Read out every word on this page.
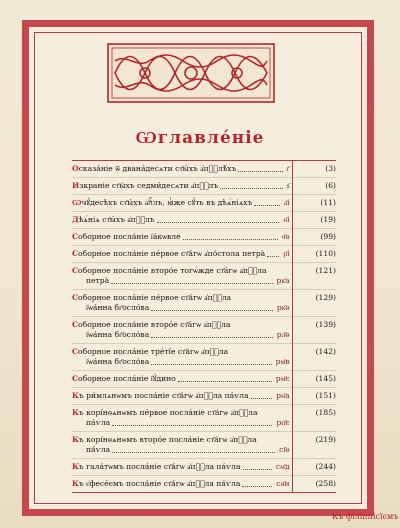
Ѡглавле́ніе
Осказа́ніе ѿ двана́десѧти ст҃ы́хъ а҆пⷭ҇лѣ́хъ г҃	(3)

Изкраніе ст҃ы́хъ седми́десѧти а҆пⷭ҇лъ ѕ҃	(6)

Ѡчꙋ́десѣхъ ст҃ы́хъ а҆пⷭ҇лъ, ꙗ҆̀же сꙋ́ть въ дѣѧ́ніѧхъ а҃і	(11)

Дѣѧ́ніѧ ст҃ы́хъ а҆пⷭ҇лъ ѳ҃і	(19)

Соборное посла́ніе і҆а́кѡвле ч҃ѳ	(99)

Соборное посла́ніе пе́рвое ст҃а́гѡ а҆по́стола петра̀ р҃і	(110)

Соборное посла́ніе второ́е тогѡ́жде ст҃а́гѡ а҆пⷭ҇ла
петра̀ рк҃а	(121)

Соборное посла́ніе пе́рвое ст҃а́гѡ а҆пⷭ҇ла
і҆ѡа́нна бг҃осло́ва рк҃ѳ	(129)

Соборное посла́ніе второ́е ст҃а́гѡ а҆пⷭ҇ла
і҆ѡа́нна бг҃осло́ва рл҃ѳ	(139)

Соборное посла́ніе тре́тїе ст҃а́гѡ а҆пⷭ҇ла
і҆ѡа́нна бг҃осло́ва рм҃в	(142)

Соборное посла́ніе і҆ꙋ́дино рм҃є	(145)

Къ ри́млѧнѡмъ посла́ніе ст҃а́гѡ а҆пⷭ҇ла па́ѵла рн҃а	(151)

Къ корі́нѳѧнѡмъ пе́рвое посла́ніе ст҃а́гѡ а҆пⷭ҇ла
па́ѵла рп҃є	(185)

Къ корі́нѳѧнѡмъ второ́е посла́ніе ст҃а́гѡ а҆пⷭ҇ла
па́ѵла сі҃ѳ	(219)

Къ гала́тѡмъ посла́ніе ст҃а́гѡ а҆пⷭ҇ла па́ѵла см҃д	(244)

Къ є҆фесе́ємъ посла́ніе ст҃а́гѡ а҆пⷭ҇ла па́ѵла сн҃и	(258)
Къ фїлїппı́сїємъ
